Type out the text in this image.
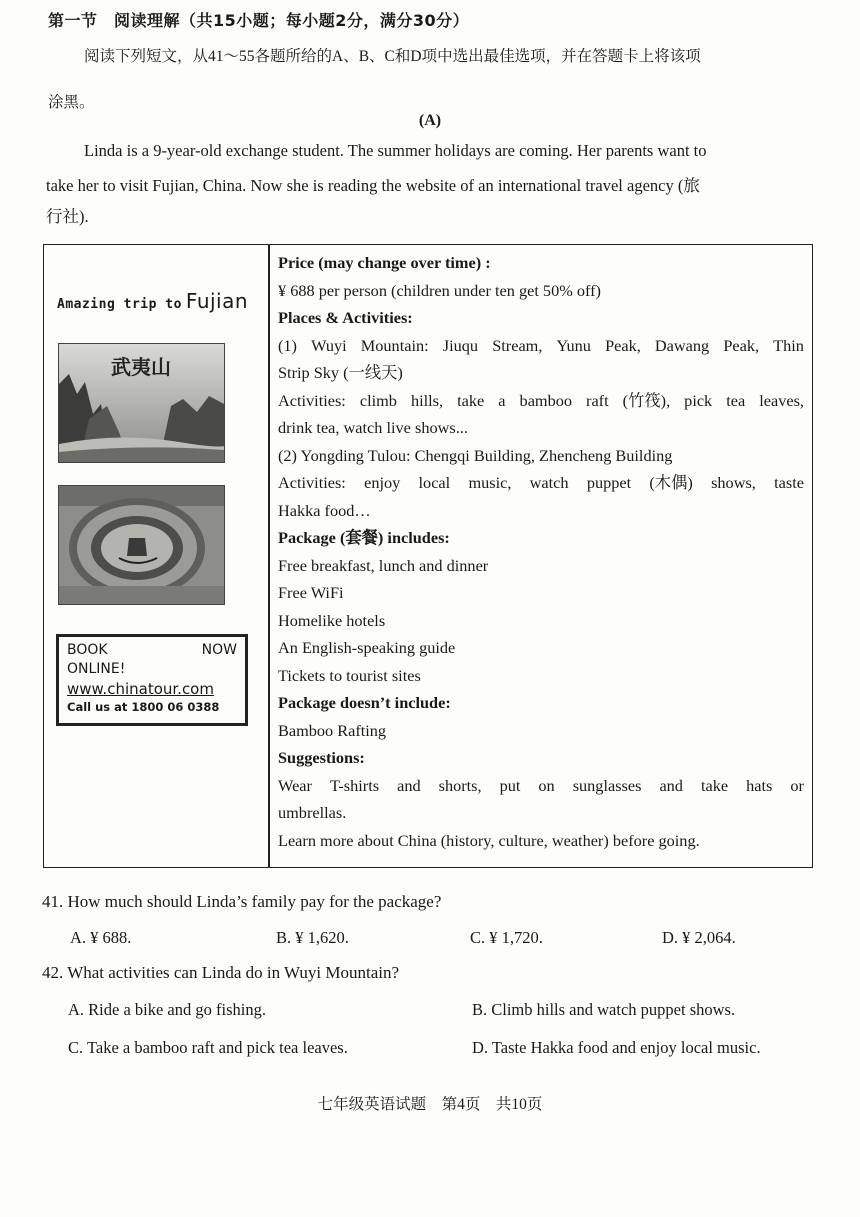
第一节　阅读理解（共15小题；每小题2分，满分30分）
阅读下列短文，从41～55各题所给的A、B、C和D项中选出最佳选项，并在答题卡上将该项
涂黑。
(A)
Linda is a 9-year-old exchange student. The summer holidays are coming. Her parents want to
take her to visit Fujian, China. Now she is reading the website of an international travel agency (旅
行社).
Amazing trip to Fujian
武夷山
BOOK	NOW
ONLINE!
www.chinatour.com
Call us at 1800 06 0388
Price (may change over time) :
¥ 688 per person (children under ten get 50% off)
Places & Activities:
(1) Wuyi Mountain: Jiuqu Stream, Yunu Peak, Dawang Peak, Thin
Strip Sky (一线天)
Activities: climb hills, take a bamboo raft (竹筏), pick tea leaves,
drink tea, watch live shows...
(2) Yongding Tulou: Chengqi Building, Zhencheng Building
Activities: enjoy local music, watch puppet (木偶) shows, taste
Hakka food…
Package (套餐) includes:
Free breakfast, lunch and dinner
Free WiFi
Homelike hotels
An English-speaking guide
Tickets to tourist sites
Package doesn’t include:
Bamboo Rafting
Suggestions:
Wear T-shirts and shorts, put on sunglasses and take hats or
umbrellas.
Learn more about China (history, culture, weather) before going.
41. How much should Linda’s family pay for the package?
A. ¥ 688.	B. ¥ 1,620.	C. ¥ 1,720.	D. ¥ 2,064.
42. What activities can Linda do in Wuyi Mountain?
A. Ride a bike and go fishing.	B. Climb hills and watch puppet shows.
C. Take a bamboo raft and pick tea leaves.	D. Taste Hakka food and enjoy local music.
七年级英语试题　第4页　共10页
